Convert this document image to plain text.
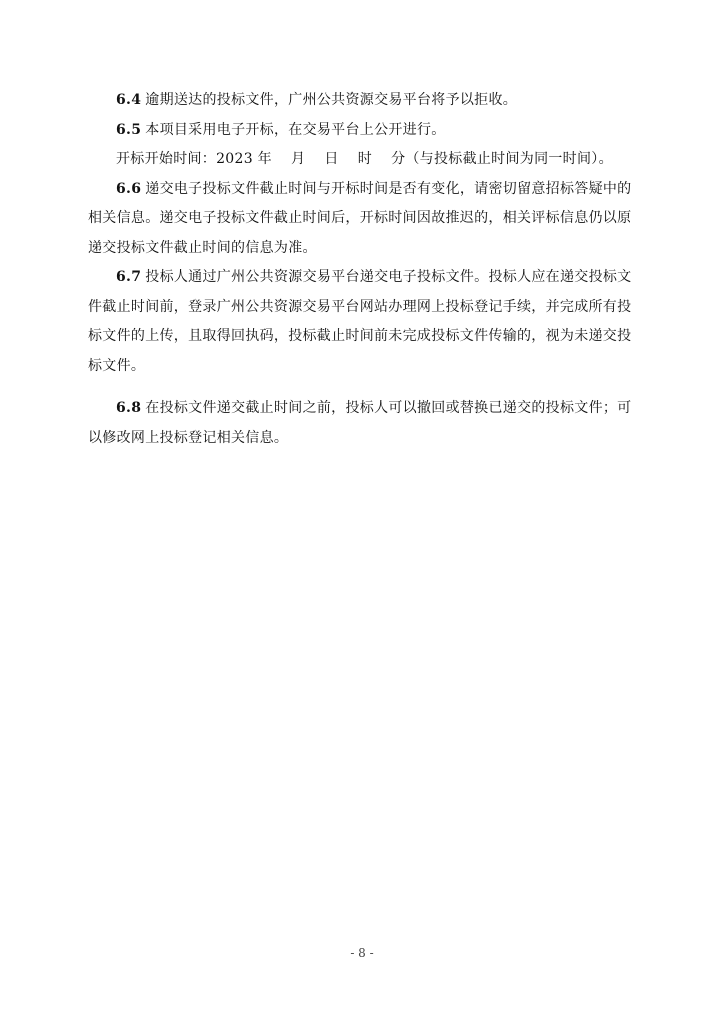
6.4 逾期送达的投标文件，广州公共资源交易平台将予以拒收。
6.5 本项目采用电子开标，在交易平台上公开进行。
开标开始时间：2023 年　 月　 日　 时　 分（与投标截止时间为同一时间）。
6.6 递交电子投标文件截止时间与开标时间是否有变化，请密切留意招标答疑中的
相关信息。递交电子投标文件截止时间后，开标时间因故推迟的，相关评标信息仍以原
递交投标文件截止时间的信息为准。
6.7 投标人通过广州公共资源交易平台递交电子投标文件。投标人应在递交投标文
件截止时间前，登录广州公共资源交易平台网站办理网上投标登记手续，并完成所有投
标文件的上传，且取得回执码，投标截止时间前未完成投标文件传输的，视为未递交投
标文件。
6.8 在投标文件递交截止时间之前，投标人可以撤回或替换已递交的投标文件；可
以修改网上投标登记相关信息。
- 8 -
